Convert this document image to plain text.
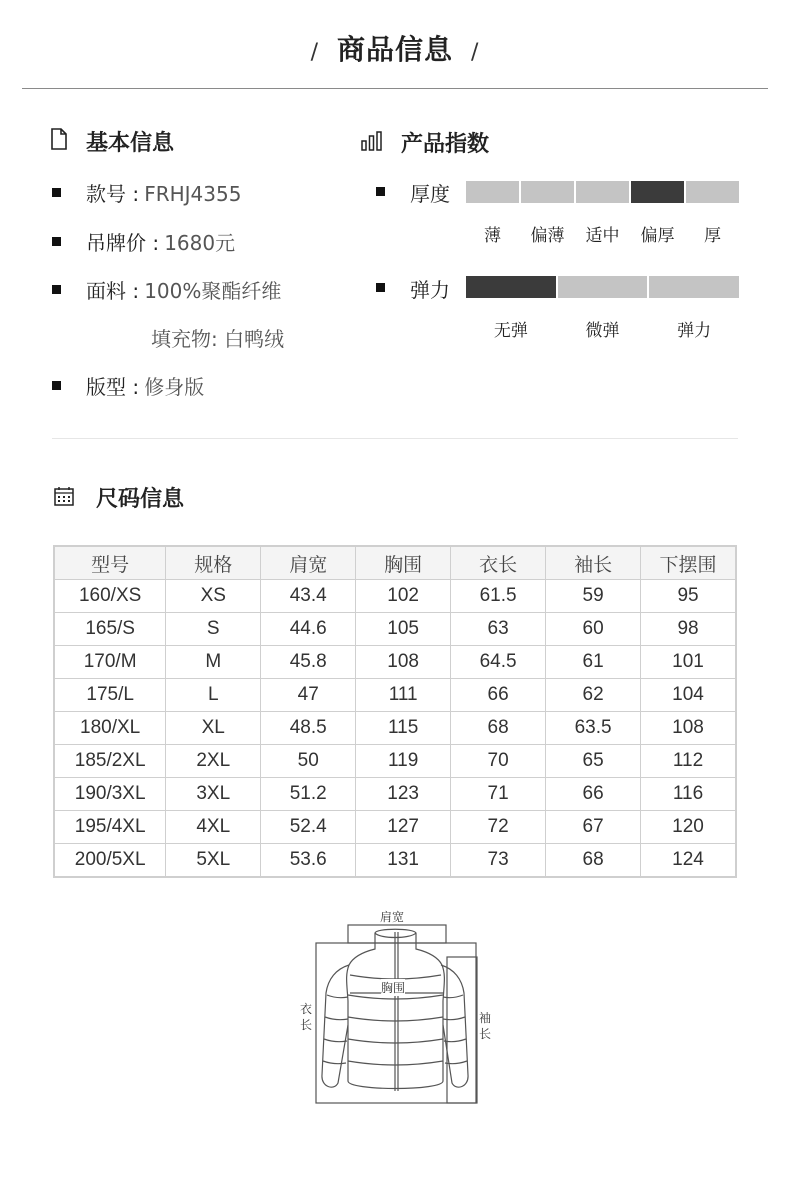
/ 商品信息 /
基本信息
款号 : FRHJ4355
吊牌价 : 1680元
面料 : 100%聚酯纤维
填充物: 白鸭绒
版型 : 修身版
产品指数
厚度
薄	偏薄	适中	偏厚	厚
弹力
无弹	微弹	弹力
尺码信息
型号	规格	肩宽	胸围	衣长	袖长	下摆围
160/XS	XS	43.4	102	61.5	59	95
165/S	S	44.6	105	63	60	98
170/M	M	45.8	108	64.5	61	101
175/L	L	47	111	66	62	104
180/XL	XL	48.5	115	68	63.5	108
185/2XL	2XL	50	119	70	65	112
190/3XL	3XL	51.2	123	71	66	116
195/4XL	4XL	52.4	127	72	67	120
200/5XL	5XL	53.6	131	73	68	124
肩宽
胸围
衣
长	袖
长
